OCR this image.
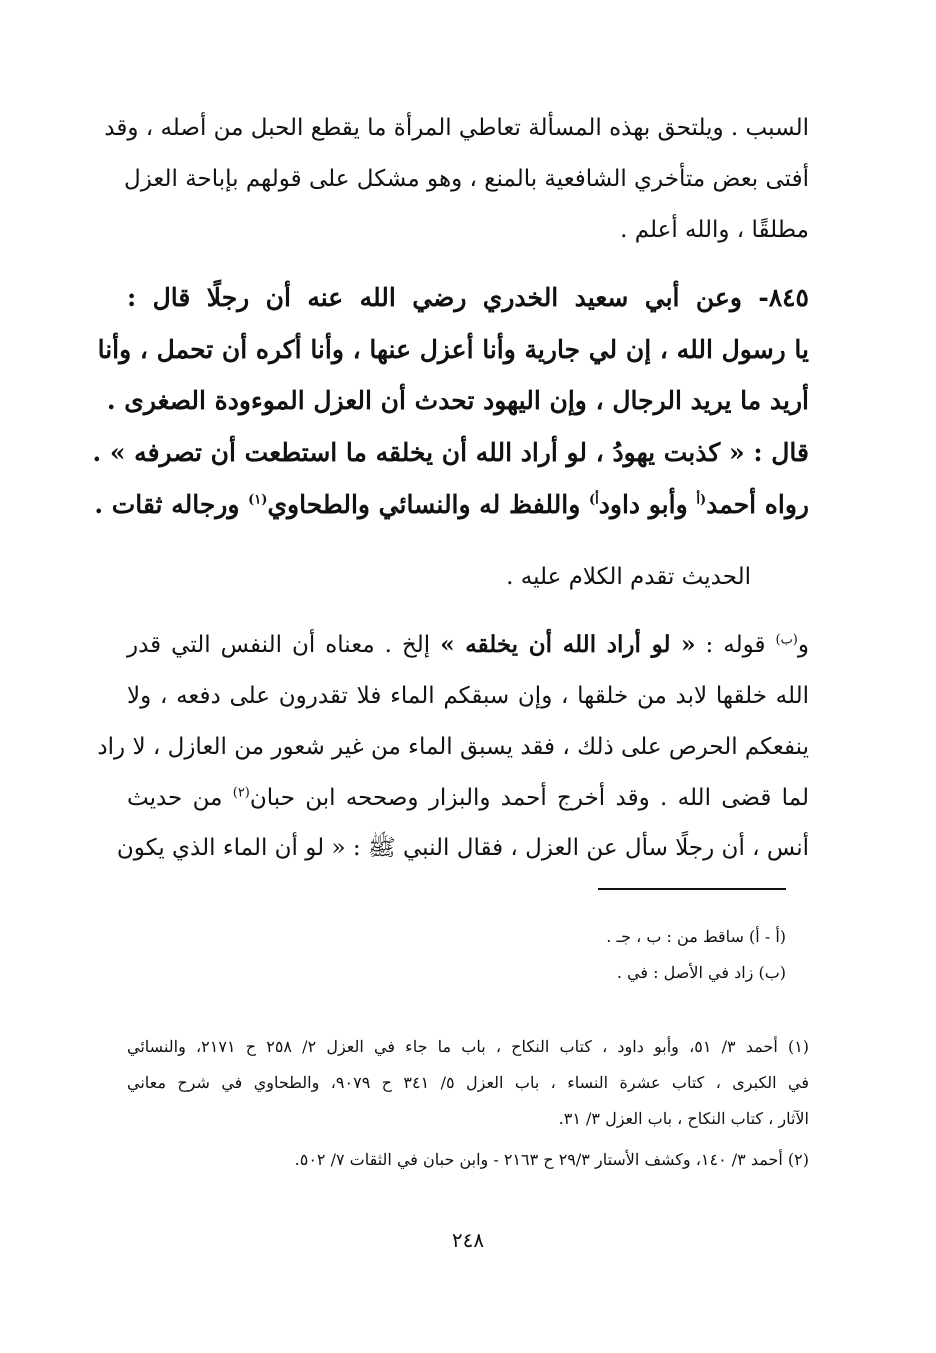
السبب . ويلتحق بهذه المسألة تعاطي المرأة ما يقطع الحبل من أصله ، وقد
أفتى بعض متأخري الشافعية بالمنع ، وهو مشكل على قولهم بإباحة العزل
مطلقًا ، والله أعلم .
٨٤٥- وعن أبي سعيد الخدري رضي الله عنه أن رجلًا قال :
يا رسول الله ، إن لي جارية وأنا أعزل عنها ، وأنا أكره أن تحمل ، وأنا
أريد ما يريد الرجال ، وإن اليهود تحدث أن العزل الموءودة الصغرى .
قال : « كذبت يهودُ ، لو أراد الله أن يخلقه ما استطعت أن تصرفه » .
رواه أحمد$^{(أ}$ وأبو داود$^{أ)}$ واللفظ له والنسائي والطحاوي$^{(١)}$ ورجاله ثقات .
الحديث تقدم الكلام عليه .
و$^{(ب)}$ قوله : « لو أراد الله أن يخلقه » إلخ . معناه أن النفس التي قدر
الله خلقها لابد من خلقها ، وإن سبقكم الماء فلا تقدرون على دفعه ، ولا
ينفعكم الحرص على ذلك ، فقد يسبق الماء من غير شعور من العازل ، لا راد
لما قضى الله . وقد أخرج أحمد والبزار وصححه ابن حبان$^{(٢)}$ من حديث
أنس ، أن رجلًا سأل عن العزل ، فقال النبي ﷺ : « لو أن الماء الذي يكون
(أ - أ) ساقط من : ب ، جـ .
(ب) زاد في الأصل : في .
(١) أحمد ٣/ ٥١، وأبو داود ، كتاب النكاح ، باب ما جاء في العزل ٢/ ٢٥٨ ح ٢١٧١، والنسائي
في الكبرى ، كتاب عشرة النساء ، باب العزل ٥/ ٣٤١ ح ٩٠٧٩، والطحاوي في شرح معاني
الآثار ، كتاب النكاح ، باب العزل ٣/ ٣١.
(٢) أحمد ٣/ ١٤٠، وكشف الأستار ٢٩/٣ ح ٢١٦٣ - وابن حبان في الثقات ٧/ ٥٠٢.
٢٤٨
